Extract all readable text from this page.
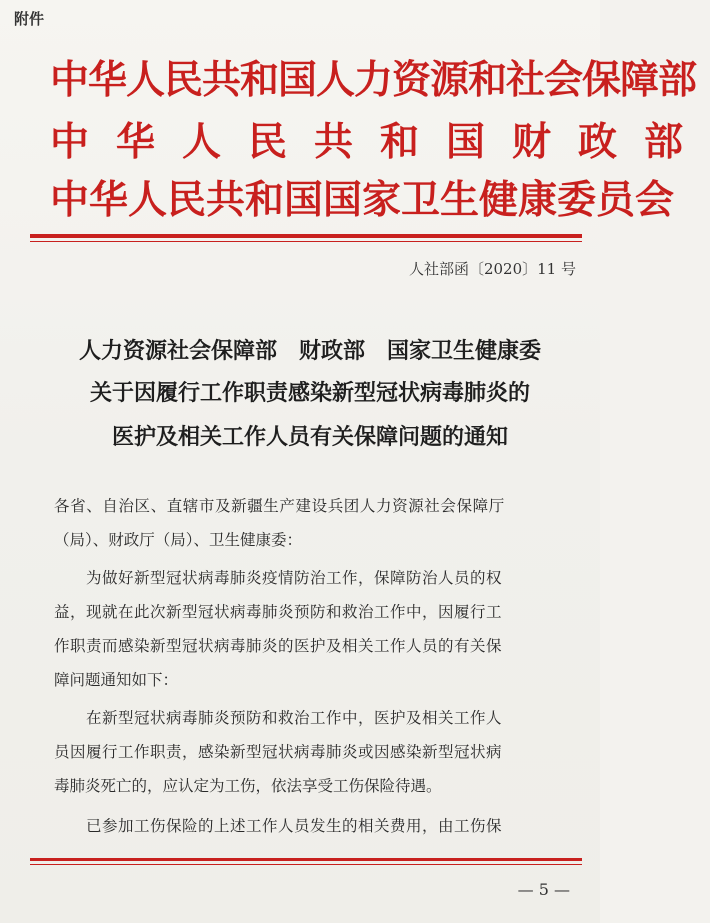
附件
中华人民共和国人力资源和社会保障部
中华人民共和国财政部
中华人民共和国国家卫生健康委员会
人社部函〔2020〕11 号
人力资源社会保障部　财政部　国家卫生健康委
关于因履行工作职责感染新型冠状病毒肺炎的
医护及相关工作人员有关保障问题的通知
各省、自治区、直辖市及新疆生产建设兵团人力资源社会保障厅
（局）、财政厅（局）、卫生健康委：
为做好新型冠状病毒肺炎疫情防治工作，保障防治人员的权
益，现就在此次新型冠状病毒肺炎预防和救治工作中，因履行工
作职责而感染新型冠状病毒肺炎的医护及相关工作人员的有关保
障问题通知如下：
在新型冠状病毒肺炎预防和救治工作中，医护及相关工作人
员因履行工作职责，感染新型冠状病毒肺炎或因感染新型冠状病
毒肺炎死亡的，应认定为工伤，依法享受工伤保险待遇。
已参加工伤保险的上述工作人员发生的相关费用，由工伤保
— 5 —
